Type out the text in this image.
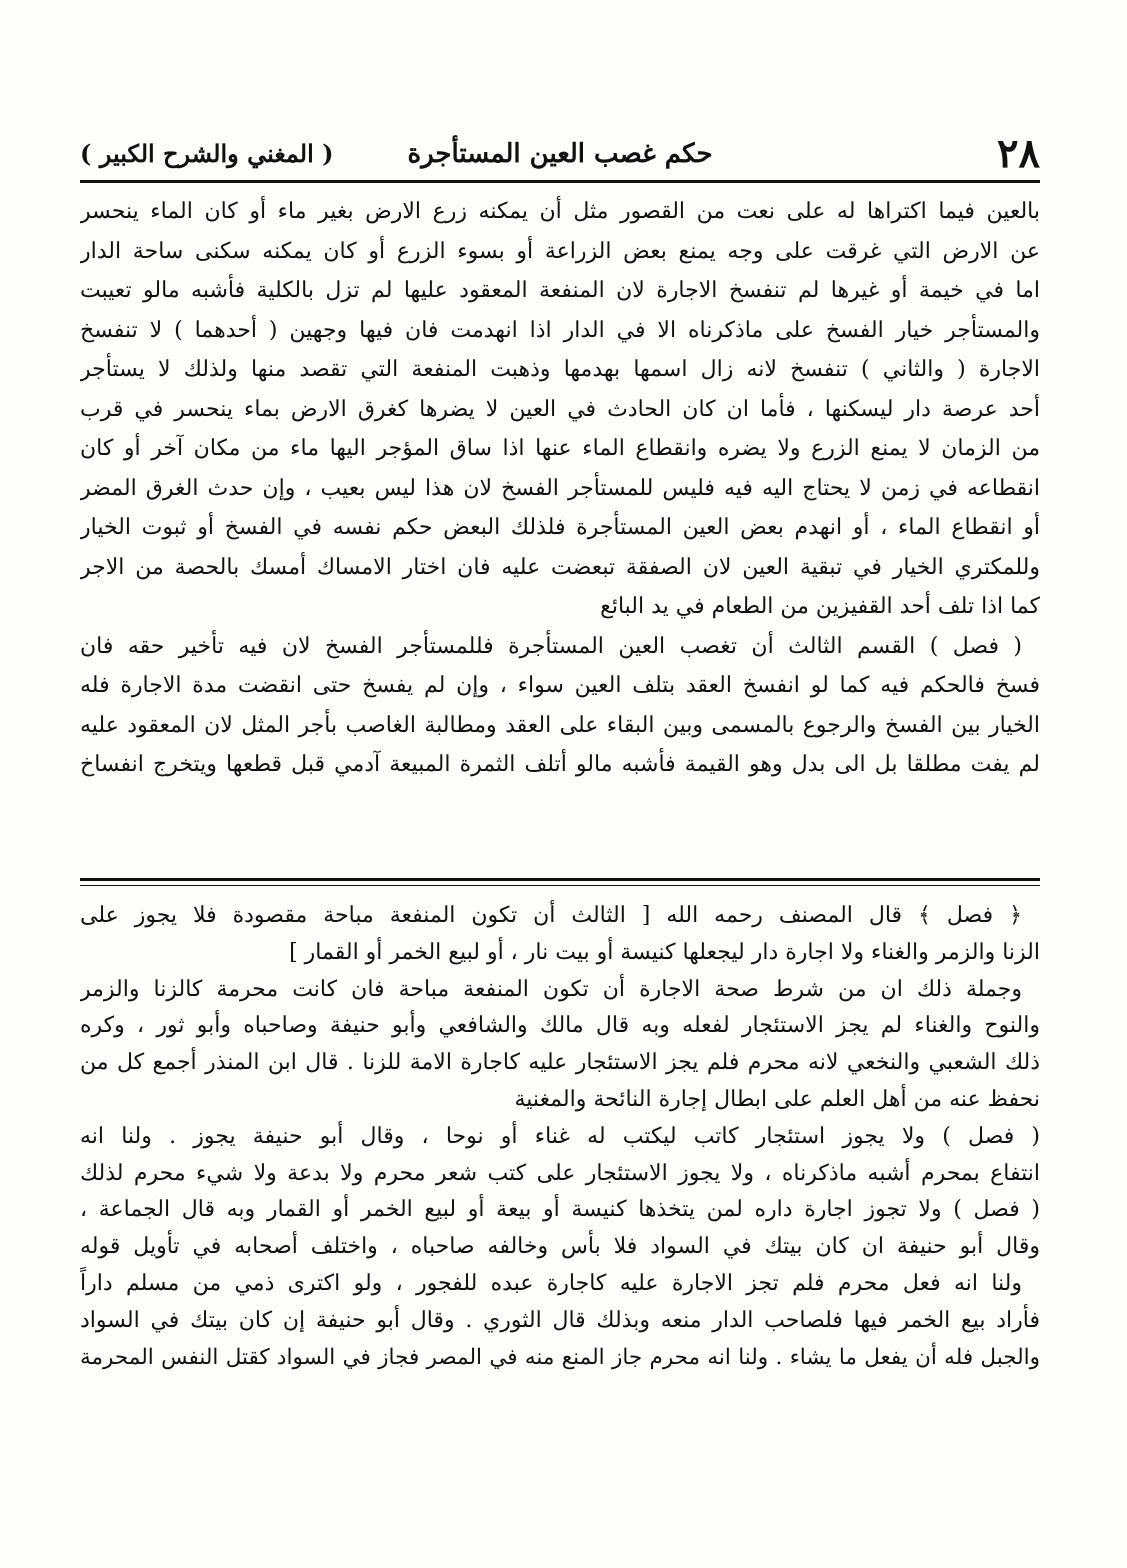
٢٨
حكم غصب العين المستأجرة
( المغني والشرح الكبير )
بالعين فيما اكتراها له على نعت من القصور مثل أن يمكنه زرع الارض بغير ماء أو كان الماء ينحسر
عن الارض التي غرقت على وجه يمنع بعض الزراعة أو بسوء الزرع أو كان يمكنه سكنى ساحة الدار
اما في خيمة أو غيرها لم تنفسخ الاجارة لان المنفعة المعقود عليها لم تزل بالكلية فأشبه مالو تعيبت
والمستأجر خيار الفسخ على ماذكرناه الا في الدار اذا انهدمت فان فيها وجهين ( أحدهما ) لا تنفسخ
الاجارة ( والثاني ) تنفسخ لانه زال اسمها بهدمها وذهبت المنفعة التي تقصد منها ولذلك لا يستأجر
أحد عرصة دار ليسكنها ، فأما ان كان الحادث في العين لا يضرها كغرق الارض بماء ينحسر في قرب
من الزمان لا يمنع الزرع ولا يضره وانقطاع الماء عنها اذا ساق المؤجر اليها ماء من مكان آخر أو كان
انقطاعه في زمن لا يحتاج اليه فيه فليس للمستأجر الفسخ لان هذا ليس بعيب ، وإن حدث الغرق المضر
أو انقطاع الماء ، أو انهدم بعض العين المستأجرة فلذلك البعض حكم نفسه في الفسخ أو ثبوت الخيار
وللمكتري الخيار في تبقية العين لان الصفقة تبعضت عليه فان اختار الامساك أمسك بالحصة من الاجر
كما اذا تلف أحد القفيزين من الطعام في يد البائع
( فصل ) القسم الثالث أن تغصب العين المستأجرة فللمستأجر الفسخ لان فيه تأخير حقه فان
فسخ فالحكم فيه كما لو انفسخ العقد بتلف العين سواء ، وإن لم يفسخ حتى انقضت مدة الاجارة فله
الخيار بين الفسخ والرجوع بالمسمى وبين البقاء على العقد ومطالبة الغاصب بأجر المثل لان المعقود عليه
لم يفت مطلقا بل الى بدل وهو القيمة فأشبه مالو أتلف الثمرة المبيعة آدمي قبل قطعها ويتخرج انفساخ
﴿ فصل ﴾ قال المصنف رحمه الله [ الثالث أن تكون المنفعة مباحة مقصودة فلا يجوز على
الزنا والزمر والغناء ولا اجارة دار ليجعلها كنيسة أو بيت نار ، أو لبيع الخمر أو القمار ]
وجملة ذلك ان من شرط صحة الاجارة أن تكون المنفعة مباحة فان كانت محرمة كالزنا والزمر
والنوح والغناء لم يجز الاستئجار لفعله وبه قال مالك والشافعي وأبو حنيفة وصاحباه وأبو ثور ، وكره
ذلك الشعبي والنخعي لانه محرم فلم يجز الاستئجار عليه كاجارة الامة للزنا . قال ابن المنذر أجمع كل من
نحفظ عنه من أهل العلم على ابطال إجارة النائحة والمغنية
( فصل ) ولا يجوز استئجار كاتب ليكتب له غناء أو نوحا ، وقال أبو حنيفة يجوز . ولنا انه
انتفاع بمحرم أشبه ماذكرناه ، ولا يجوز الاستئجار على كتب شعر محرم ولا بدعة ولا شيء محرم لذلك
( فصل ) ولا تجوز اجارة داره لمن يتخذها كنيسة أو بيعة أو لبيع الخمر أو القمار وبه قال الجماعة ،
وقال أبو حنيفة ان كان بيتك في السواد فلا بأس وخالفه صاحباه ، واختلف أصحابه في تأويل قوله
ولنا انه فعل محرم فلم تجز الاجارة عليه كاجارة عبده للفجور ، ولو اكترى ذمي من مسلم داراً
فأراد بيع الخمر فيها فلصاحب الدار منعه وبذلك قال الثوري . وقال أبو حنيفة إن كان بيتك في السواد
والجبل فله أن يفعل ما يشاء . ولنا انه محرم جاز المنع منه في المصر فجاز في السواد كقتل النفس المحرمة
